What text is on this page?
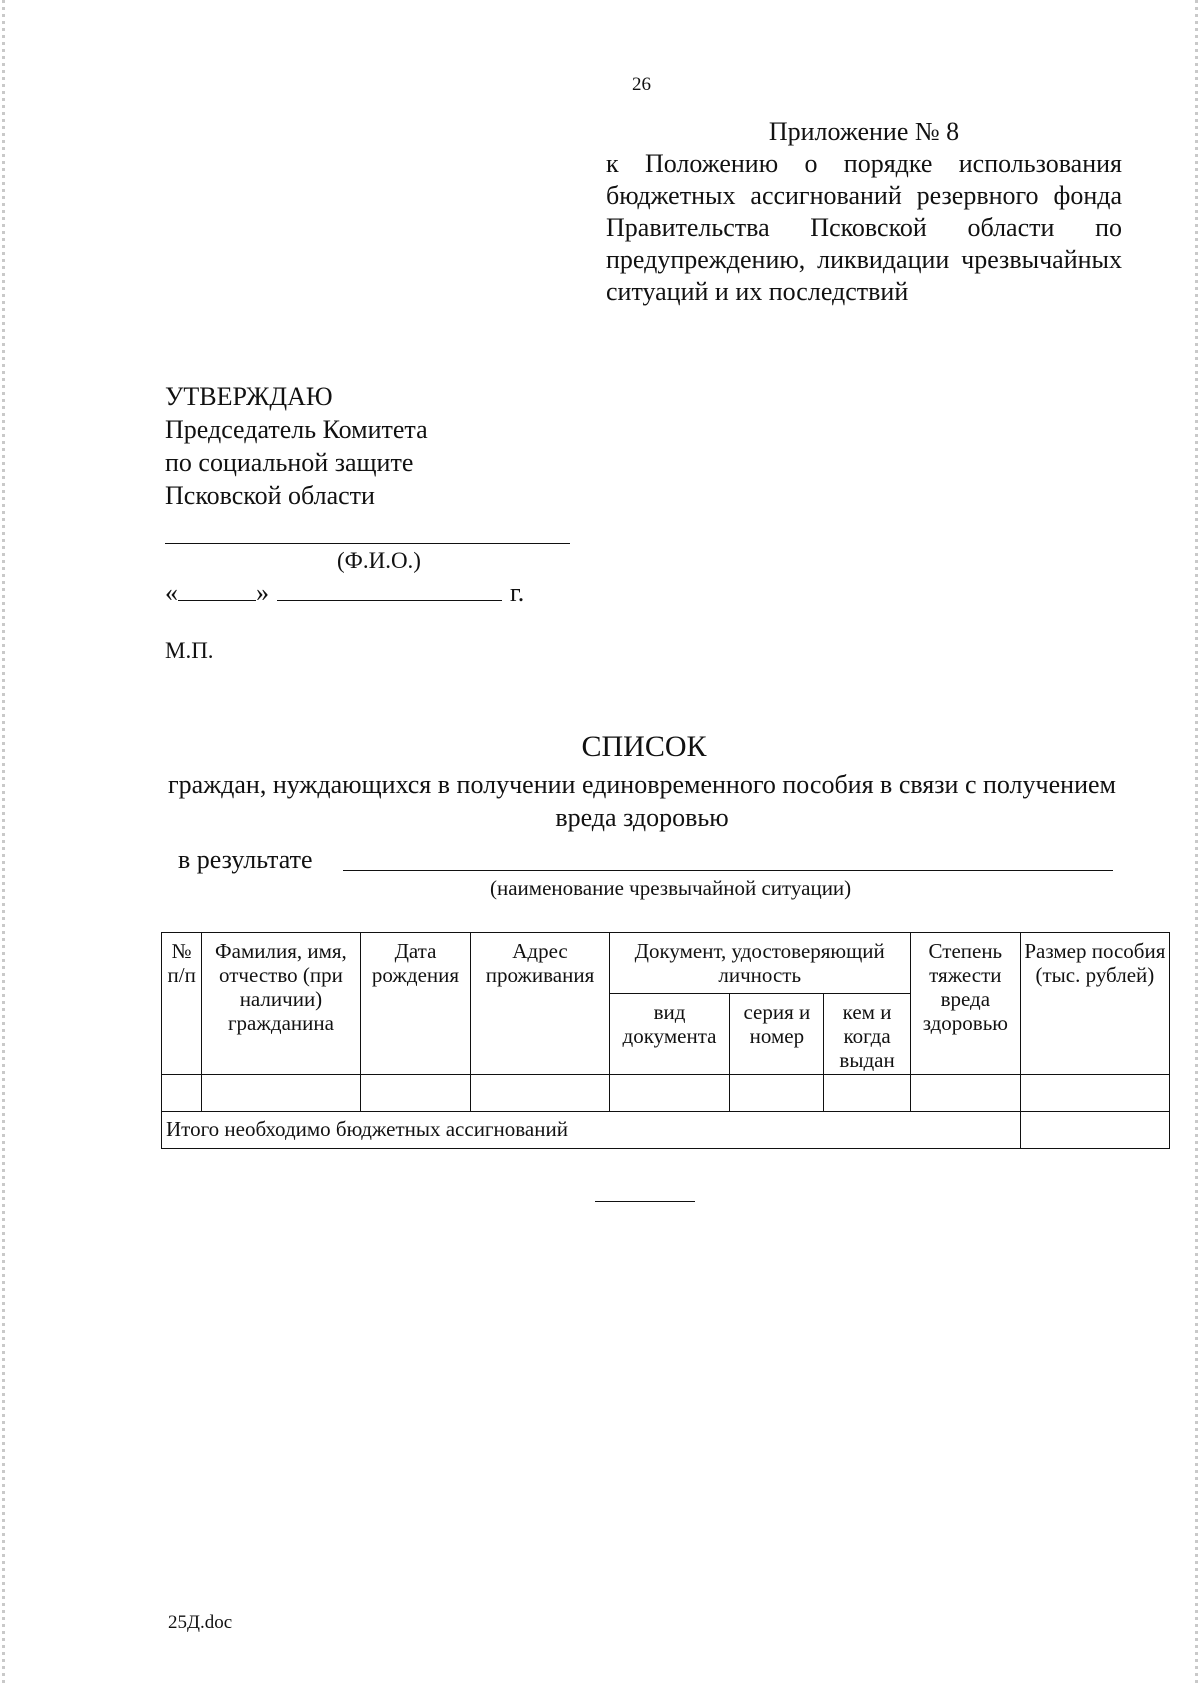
26
Приложение № 8
к Положению о порядке использования бюджетных ассигнований резервного фонда Правительства Псковской области по предупреждению, ликвидации чрезвычайных ситуаций и их последствий
УТВЕРЖДАЮ
Председатель Комитета
по социальной защите
Псковской области
(Ф.И.О.)
«	»	г.
М.П.
СПИСОК
граждан, нуждающихся в получении единовременного пособия в связи с получением вреда здоровью
в результате
(наименование чрезвычайной ситуации)
№ п/п	Фамилия, имя, отчество (при наличии) гражданина	Дата рождения	Адрес проживания	Документ, удостоверяющий личность			Степень тяжести вреда здоровью	Размер пособия (тыс. рублей)
				вид документа	серия и номер	кем и когда выдан		

Итого необходимо бюджетных ассигнований								
25Д.doc
